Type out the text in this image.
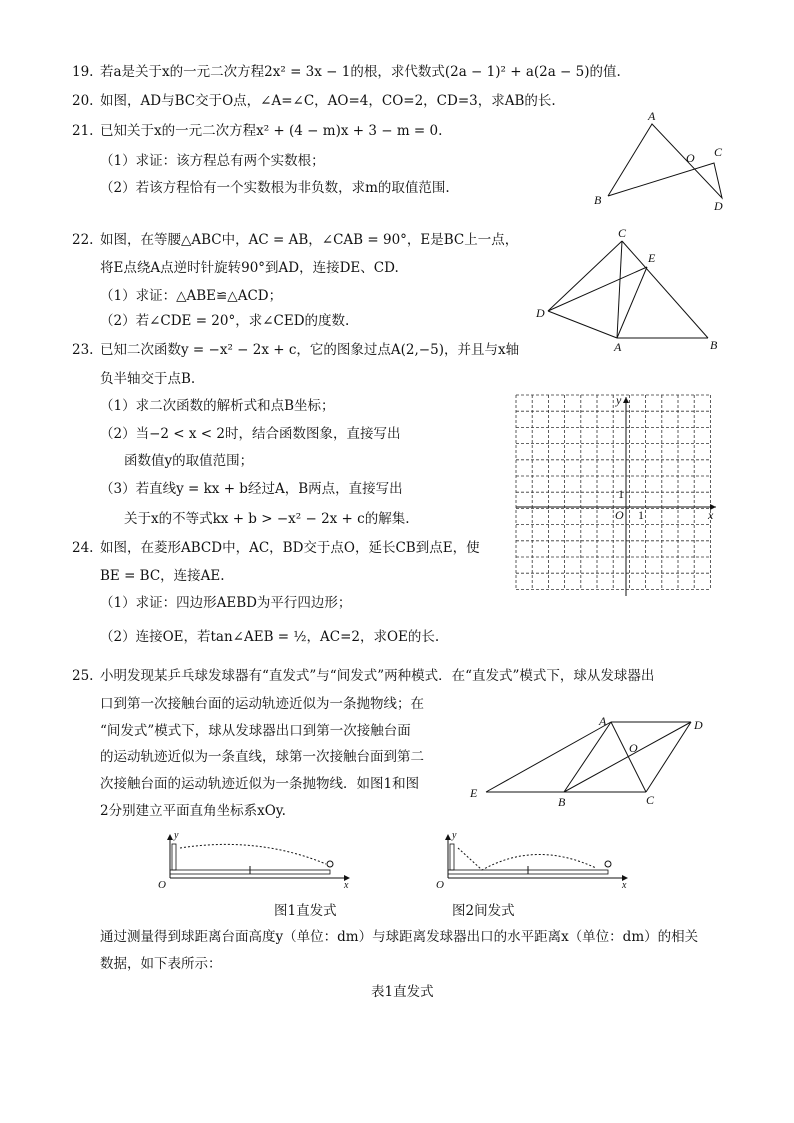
19. 若a是关于x的一元二次方程2x² = 3x − 1的根，求代数式(2a − 1)² + a(2a − 5)的值.
20. 如图，AD与BC交于O点，∠A=∠C，AO=4，CO=2，CD=3，求AB的长.
21. 已知关于x的一元二次方程x² + (4 − m)x + 3 − m = 0.
（1）求证：该方程总有两个实数根；
（2）若该方程恰有一个实数根为非负数，求m的取值范围.
A
O C
B	D
22. 如图，在等腰△ABC中，AC = AB，∠CAB = 90°，E是BC上一点，
将E点绕A点逆时针旋转90°到AD，连接DE、CD.
（1）求证：△ABE≌△ACD；
（2）若∠CDE = 20°，求∠CED的度数.
C
E
D
A	B
23. 已知二次函数y = −x² − 2x + c，它的图象过点A(2,−5)，并且与x轴
负半轴交于点B.
（1）求二次函数的解析式和点B坐标；
（2）当−2 < x < 2时，结合函数图象，直接写出
函数值y的取值范围；
（3）若直线y = kx + b经过A，B两点，直接写出
关于x的不等式kx + b > −x² − 2x + c的解集.
y
x
O 1
1
24. 如图，在菱形ABCD中，AC，BD交于点O，延长CB到点E，使
BE = BC，连接AE.
（1）求证：四边形AEBD为平行四边形；
（2）连接OE，若tan∠AEB = ½，AC=2，求OE的长.
25. 小明发现某乒乓球发球器有“直发式”与“间发式”两种模式．在“直发式”模式下，球从发球器出
口到第一次接触台面的运动轨迹近似为一条抛物线；在
“间发式”模式下，球从发球器出口到第一次接触台面
的运动轨迹近似为一条直线，球第一次接触台面到第二
次接触台面的运动轨迹近似为一条抛物线．如图1和图
2分别建立平面直角坐标系xOy.
A	D
O
E
B	C
y
O	x
图1直发式
y
O	x
图2间发式
通过测量得到球距离台面高度y（单位：dm）与球距离发球器出口的水平距离x（单位：dm）的相关
数据，如下表所示：
表1直发式
